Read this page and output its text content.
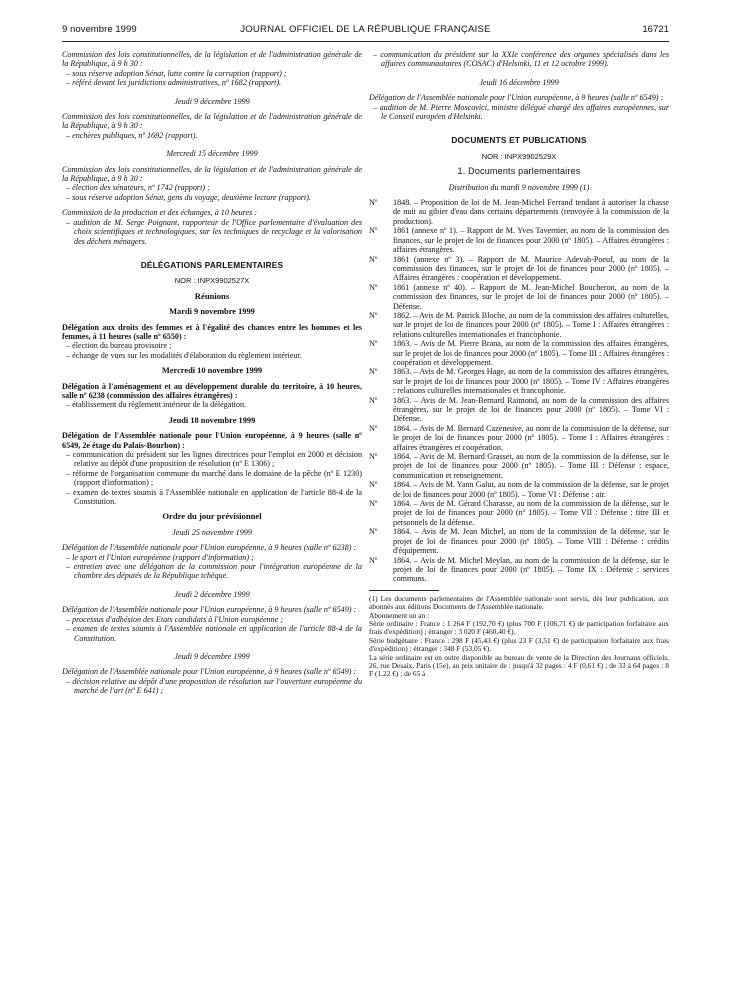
9 novembre 1999	JOURNAL OFFICIEL DE LA RÉPUBLIQUE FRANÇAISE	16721

Commission des lois constitutionnelles, de la législation et de l'administration générale de la République, à 9 h 30 :

– sous réserve adoption Sénat, lutte contre la corruption (rapport) ;

– référé devant les juridictions administratives, nº 1682 (rapport).

Jeudi 9 décembre 1999

Commission des lois constitutionnelles, de la législation et de l'administration générale de la République, à 9 h 30 :

– enchères publiques, nº 1692 (rapport).

Mercredi 15 décembre 1999

Commission des lois constitutionnelles, de la législation et de l'administration générale de la République, à 9 h 30 :

– élection des sénateurs, nº 1742 (rapport) ;

– sous réserve adoption Sénat, gens du voyage, deuxième lecture (rapport).

Commission de la production et des échanges, à 10 heures :

– audition de M. Serge Poignant, rapporteur de l'Office parlementaire d'évaluation des choix scientifiques et technologiques, sur les techniques de recyclage et la valorisation des déchets ménagers.

DÉLÉGATIONS PARLEMENTAIRES

NOR : INPX9902527X

Réunions

Mardi 9 novembre 1999

Délégation aux droits des femmes et à l'égalité des chances entre les hommes et les femmes, à 11 heures (salle nº 6550) :

– élection du bureau provisoire ;

– échange de vues sur les modalités d'élaboration du règlement intérieur.

Mercredi 10 novembre 1999

Délégation à l'aménagement et au développement durable du territoire, à 10 heures, salle nº 6238 (commission des affaires étrangères) :

– établissement du règlement intérieur de la délégation.

Jeudi 18 novembre 1999

Délégation de l'Assemblée nationale pour l'Union européenne, à 9 heures (salle nº 6549, 2e étage du Palais-Bourbon) :

– communication du président sur les lignes directrices pour l'emploi en 2000 et décision relative au dépôt d'une proposition de résolution (nº E 1306) ;

– réforme de l'organisation commune du marché dans le domaine de la pêche (nº E 1230) (rapport d'information) ;

– examen de textes soumis à l'Assemblée nationale en application de l'article 88-4 de la Constitution.

Ordre du jour prévisionnel

Jeudi 25 novembre 1999

Délégation de l'Assemblée nationale pour l'Union européenne, à 9 heures (salle nº 6238) :

– le sport et l'Union européenne (rapport d'information) ;

– entretien avec une délégation de la commission pour l'intégration européenne de la chambre des députés de la République tchèque.

Jeudi 2 décembre 1999

Délégation de l'Assemblée nationale pour l'Union européenne, à 9 heures (salle nº 6549) :

– processus d'adhésion des Etats candidats à l'Union européenne ;

– examen de textes soumis à l'Assemblée nationale en application de l'article 88-4 de la Constitution.

Jeudi 9 décembre 1999

Délégation de l'Assemblée nationale pour l'Union européenne, à 9 heures (salle nº 6549) :

– décision relative au dépôt d'une proposition de résolution sur l'ouverture européenne du marché de l'art (nº E 641) ;

– communication du président sur la XXIe conférence des organes spécialisés dans les affaires communautaires (COSAC) d'Helsinki, 11 et 12 octobre 1999).

Jeudi 16 décembre 1999

Délégation de l'Assemblée nationale pour l'Union européenne, à 9 heures (salle nº 6549) :

– audition de M. Pierre Moscovici, ministre délégué chargé des affaires européennes, sur le Conseil européen d'Helsinki.

DOCUMENTS ET PUBLICATIONS

NOR : INPX9902529X

1. Documents parlementaires

Distribution du mardi 9 novembre 1999 (1)

Nº	1848. – Proposition de loi de M. Jean-Michel Ferrand tendant à autoriser la chasse de nuit au gibier d'eau dans certains départements (renvoyée à la commission de la production).
Nº	1861 (annexe nº 1). – Rapport de M. Yves Tavernier, au nom de la commission des finances, sur le projet de loi de finances pour 2000 (nº 1805). – Affaires étrangères : affaires étrangères.
Nº	1861 (annexe nº 3). – Rapport de M. Maurice Adevah-Poeuf, au nom de la commission des finances, sur le projet de loi de finances pour 2000 (nº 1805). – Affaires étrangères : coopération et développement.
Nº	1861 (annexe nº 40). – Rapport de M. Jean-Michel Boucheron, au nom de la commission des finances, sur le projet de loi de finances pour 2000 (nº 1805). – Défense.
Nº	1862. – Avis de M. Patrick Bloche, au nom de la commission des affaires culturelles, sur le projet de loi de finances pour 2000 (nº 1805). – Tome I : Affaires étrangères : relations culturelles internationales et francophonie.
Nº	1863. – Avis de M. Pierre Brana, au nom de la commission des affaires étrangères, sur le projet de loi de finances pour 2000 (nº 1805). – Tome III : Affaires étrangères : coopération et développement.
Nº	1863. – Avis de M. Georges Hage, au nom de la commission des affaires étrangères, sur le projet de loi de finances pour 2000 (nº 1805). – Tome IV : Affaires étrangères : relations culturelles internationales et francophonie.
Nº	1863. – Avis de M. Jean-Bernard Raimond, au nom de la commission des affaires étrangères, sur le projet de loi de finances pour 2000 (nº 1805). – Tome VI : Défense.
Nº	1864. – Avis de M. Bernard Cazeneuve, au nom de la commission de la défense, sur le projet de loi de finances pour 2000 (nº 1805). – Tome I : Affaires étrangères : affaires étrangères et coopération.
Nº	1864. – Avis de M. Bernard Grasset, au nom de la commission de la défense, sur le projet de loi de finances pour 2000 (nº 1805). – Tome III : Défense : espace, communication et renseignement.
Nº	1864. – Avis de M. Yann Galut, au nom de la commission de la défense, sur le projet de loi de finances pour 2000 (nº 1805). – Tome VI : Défense : air.
Nº	1864. – Avis de M. Gérard Charasse, au nom de la commission de la défense, sur le projet de loi de finances pour 2000 (nº 1805). – Tome VII : Défense : titre III et personnels de la défense.
Nº	1864. – Avis de M. Jean Michel, au nom de la commission de la défense, sur le projet de loi de finances pour 2000 (nº 1805). – Tome VIII : Défense : crédits d'équipement.
Nº	1864. – Avis de M. Michel Meylan, au nom de la commission de la défense, sur le projet de loi de finances pour 2000 (nº 1805). – Tome IX : Défense : services communs.

(1) Les documents parlementaires de l'Assemblée nationale sont servis, dès leur publication, aux abonnés aux éditions Documents de l'Assemblée nationale.

Abonnement un an :

Série ordinaire : France : 1 264 F (192,70 €) (plus 700 F (106,71 €) de participation forfaitaire aux frais d'expédition) ; étranger : 3 020 F (460,40 €).

Série budgétaire : France : 298 F (45,43 €) (plus 23 F (3,51 €) de participation forfaitaire aux frais d'expédition) ; étranger : 348 F (53,05 €).

La série ordinaire est en outre disponible au bureau de vente de la Direction des Journaux officiels, 26, rue Desaix, Paris (15e), au prix unitaire de : jusqu'à 32 pages : 4 F (0,61 €) ; de 33 à 64 pages : 8 F (1,22 €) ; de 65 à
